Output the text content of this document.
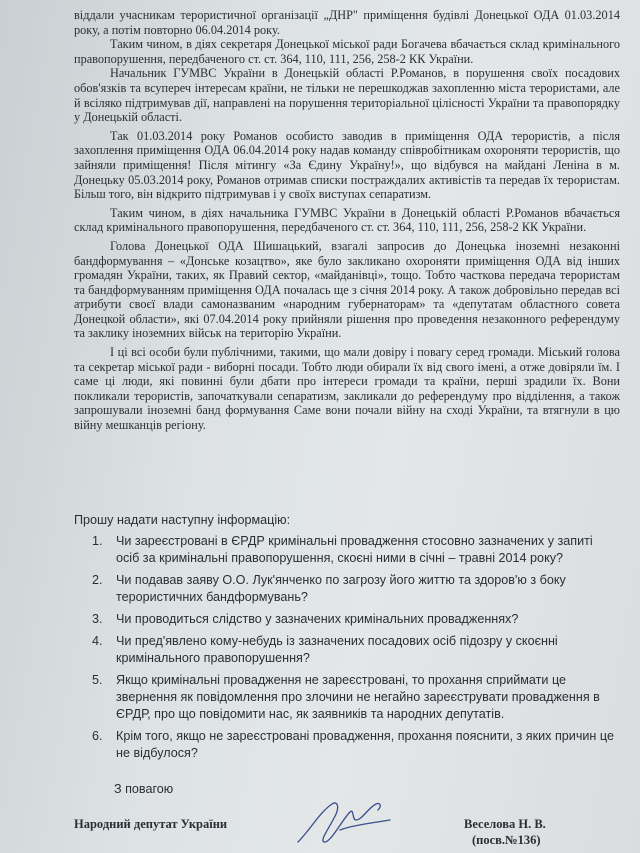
віддали учасникам терористичної організації „ДНР" приміщення будівлі Донецької ОДА 01.03.2014 року, а потім повторно 06.04.2014 року.

Таким чином, в діях секретаря Донецької міської ради Богачева вбачається склад кримінального правопорушення, передбаченого ст. ст. 364, 110, 111, 256, 258-2 КК України.

Начальник ГУМВС України в Донецькій області Р.Романов, в порушення своїх посадових обов'язків та всупереч інтересам країни, не тільки не перешкоджав захопленню міста терористами, але й всіляко підтримував дії, направлені на порушення територіальної цілісності України та правопорядку у Донецькій області.

Так 01.03.2014 року Романов особисто заводив в приміщення ОДА терористів, а після захоплення приміщення ОДА 06.04.2014 року надав команду співробітникам охороняти терористів, що зайняли приміщення! Після мітингу «За Єдину Україну!», що відбувся на майдані Леніна в м. Донецьку 05.03.2014 року, Романов отримав списки постраждалих активістів та передав їх терористам. Більш того, він відкрито підтримував і у своїх виступах сепаратизм.

Таким чином, в діях начальника ГУМВС України в Донецькій області Р.Романов вбачається склад кримінального правопорушення, передбаченого ст. ст. 364, 110, 111, 256, 258-2 КК України.

Голова Донецької ОДА Шишацький, взагалі запросив до Донецька іноземні незаконні бандформування – «Донське козацтво», яке було закликано охороняти приміщення ОДА від інших громадян України, таких, як Правий сектор, «майданівці», тощо. Тобто часткова передача терористам та бандформуванням приміщення ОДА почалась ще з січня 2014 року. А також добровільно передав всі атрибути своєї влади самоназваним «народним губернаторам» та «депутатам областного совета Донецкой области», які 07.04.2014 року прийняли рішення про проведення незаконного референдуму та заклику іноземних військ на територію України.

І ці всі особи були публічними, такими, що мали довіру і повагу серед громади. Міський голова та секретар міської ради - виборні посади. Тобто люди обирали їх від свого імені, а отже довіряли їм. І саме ці люди, які повинні були дбати про інтереси громади та країни, перші зрадили їх. Вони покликали терористів, започаткували сепаратизм, закликали до референдуму про відділення, а також запрошували іноземні банд формування Саме вони почали війну на сході України, та втягнули в цю війну мешканців регіону.

Прошу надати наступну інформацію:
1. Чи зареєстровані в ЄРДР кримінальні провадження стосовно зазначених у запиті осіб за кримінальні правопорушення, скоєні ними в січні – травні 2014 року?
2. Чи подавав заяву О.О. Лук'янченко по загрозу його життю та здоров'ю з боку терористичних бандформувань?
3. Чи проводиться слідство у зазначених кримінальних провадженнях?
4. Чи пред'явлено кому-небудь із зазначених посадових осіб підозру у скоєнні кримінального правопорушення?
5. Якщо кримінальні провадження не зареєстровані, то прохання сприймати це звернення як повідомлення про злочини не негайно зареєструвати провадження в ЄРДР, про що повідомити нас, як заявників та народних депутатів.
6. Крім того, якщо не зареєстровані провадження, прохання пояснити, з яких причин це не відбулося?
З повагою
Народний депутат України	Веселова Н. В.
(посв.№136)
